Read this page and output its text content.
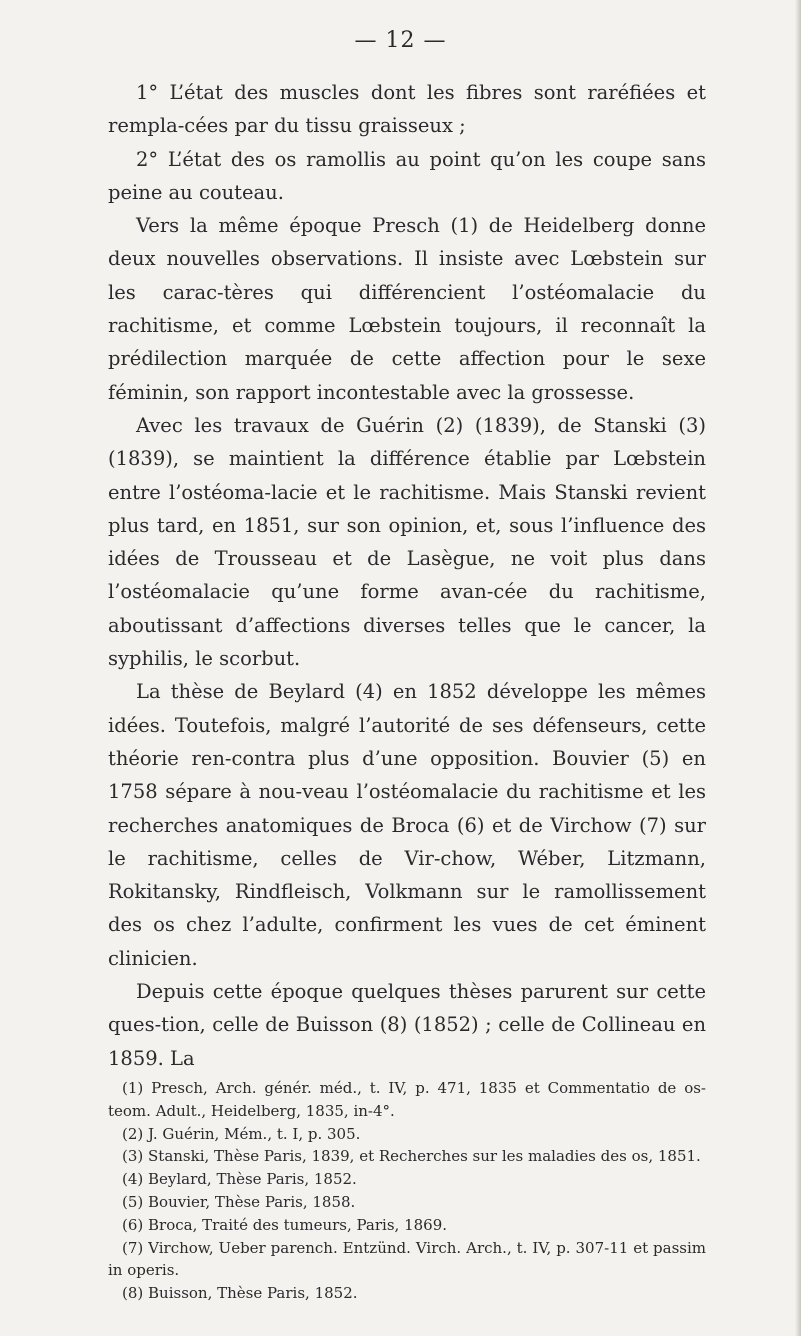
— 12 —

1° L’état des muscles dont les fibres sont raréfiées et rempla-cées par du tissu graisseux ;

2° L’état des os ramollis au point qu’on les coupe sans peine au couteau.

Vers la même époque Presch (1) de Heidelberg donne deux nouvelles observations. Il insiste avec Lœbstein sur les carac-tères qui différencient l’ostéomalacie du rachitisme, et comme Lœbstein toujours, il reconnaît la prédilection marquée de cette affection pour le sexe féminin, son rapport incontestable avec la grossesse.

Avec les travaux de Guérin (2) (1839), de Stanski (3) (1839), se maintient la différence établie par Lœbstein entre l’ostéoma-lacie et le rachitisme. Mais Stanski revient plus tard, en 1851, sur son opinion, et, sous l’influence des idées de Trousseau et de Lasègue, ne voit plus dans l’ostéomalacie qu’une forme avan-cée du rachitisme, aboutissant d’affections diverses telles que le cancer, la syphilis, le scorbut.

La thèse de Beylard (4) en 1852 développe les mêmes idées. Toutefois, malgré l’autorité de ses défenseurs, cette théorie ren-contra plus d’une opposition. Bouvier (5) en 1758 sépare à nou-veau l’ostéomalacie du rachitisme et les recherches anatomiques de Broca (6) et de Virchow (7) sur le rachitisme, celles de Vir-chow, Wéber, Litzmann, Rokitansky, Rindfleisch, Volkmann sur le ramollissement des os chez l’adulte, confirment les vues de cet éminent clinicien.

Depuis cette époque quelques thèses parurent sur cette ques-tion, celle de Buisson (8) (1852) ; celle de Collineau en 1859. La

(1) Presch, Arch. génér. méd., t. IV, p. 471, 1835 et Commentatio de os-teom. Adult., Heidelberg, 1835, in-4°.

(2) J. Guérin, Mém., t. I, p. 305.

(3) Stanski, Thèse Paris, 1839, et Recherches sur les maladies des os, 1851.

(4) Beylard, Thèse Paris, 1852.

(5) Bouvier, Thèse Paris, 1858.

(6) Broca, Traité des tumeurs, Paris, 1869.

(7) Virchow, Ueber parench. Entzünd. Virch. Arch., t. IV, p. 307-11 et passim in operis.

(8) Buisson, Thèse Paris, 1852.
